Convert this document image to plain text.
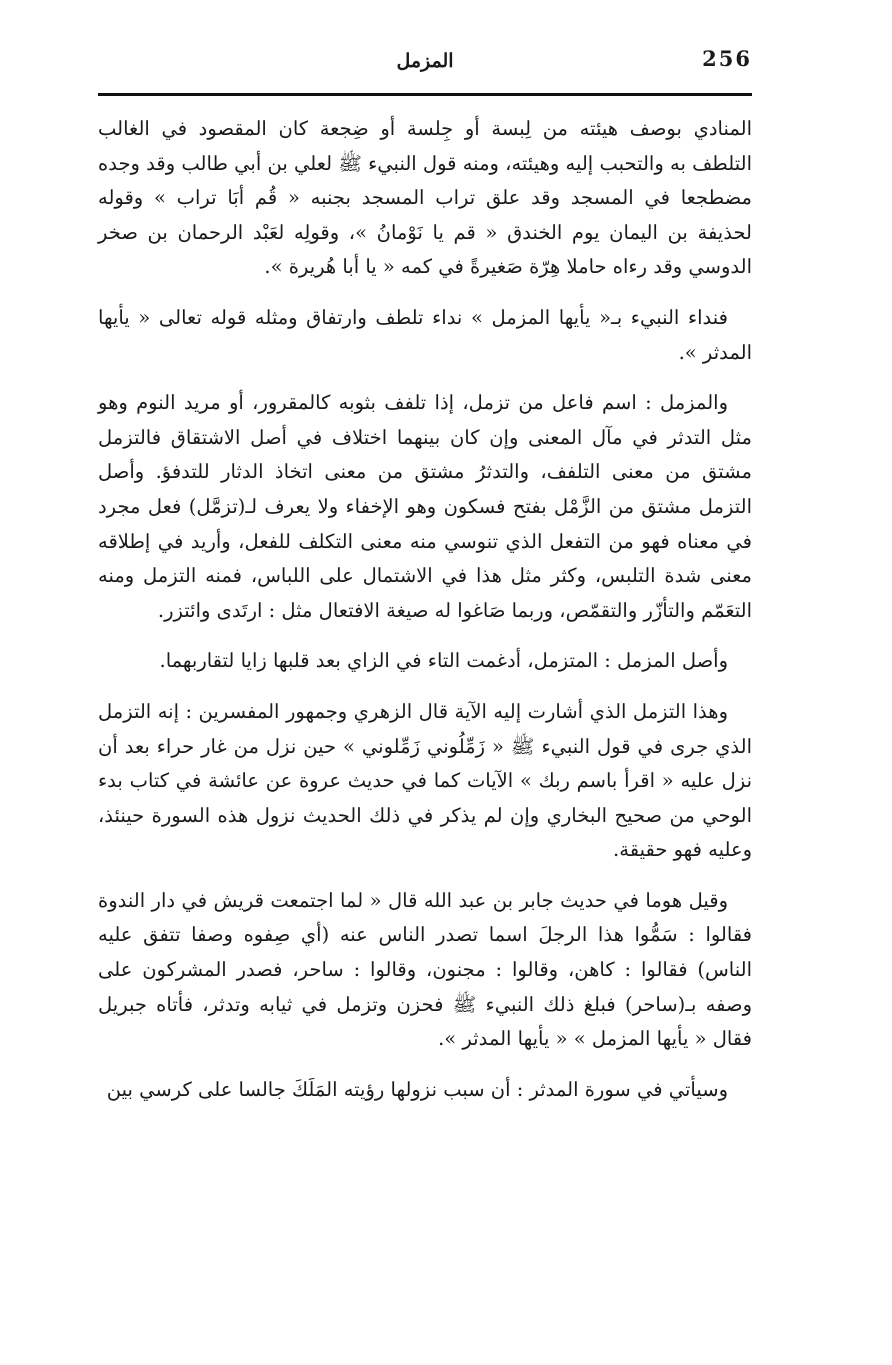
المزمل	256

المنادي بوصف هيئته من لِبسة أو جِلسة أو ضِجعة كان المقصود في الغالب التلطف به والتحبب إليه وهيئته، ومنه قول النبيء ﷺ لعلي بن أبي طالب وقد وجده مضطجعا في المسجد وقد علق تراب المسجد بجنبه « قُم أبَا تراب » وقوله لحذيفة بن اليمان يوم الخندق « قم يا نَوْمانُ »، وقولِه لعَبْد الرحمان بن صخر الدوسي وقد رءاه حاملا هِرّة صَغيرةً في كمه « يا أبا هُريرة ».

فنداء النبيء بـ« يأيها المزمل » نداء تلطف وارتفاق ومثله قوله تعالى « يأيها المدثر ».

والمزمل : اسم فاعل من تزمل، إذا تلفف بثوبه كالمقرور، أو مريد النوم وهو مثل التدثر في مآل المعنى وإن كان بينهما اختلاف في أصل الاشتقاق فالتزمل مشتق من معنى التلفف، والتدثرُ مشتق من معنى اتخاذ الدثار للتدفؤ. وأصل التزمل مشتق من الزَّمْل بفتح فسكون وهو الإخفاء ولا يعرف لـ(تزمَّل) فعل مجرد في معناه فهو من التفعل الذي تنوسي منه معنى التكلف للفعل، وأريد في إطلاقه معنى شدة التلبس، وكثر مثل هذا في الاشتمال على اللباس، فمنه التزمل ومنه التعَمّم والتأزّر والتقمّص، وربما صَاغوا له صيغة الافتعال مثل : ارتَدى وائتزر.

وأصل المزمل : المتزمل، أدغمت التاء في الزاي بعد قلبها زايا لتقاربهما.

وهذا التزمل الذي أشارت إليه الآية قال الزهري وجمهور المفسرين : إنه التزمل الذي جرى في قول النبيء ﷺ « زَمِّلُوني زَمِّلوني » حين نزل من غار حراء بعد أن نزل عليه « اقرأ باسم ربك » الآيات كما في حديث عروة عن عائشة في كتاب بدء الوحي من صحيح البخاري وإن لم يذكر في ذلك الحديث نزول هذه السورة حينئذ، وعليه فهو حقيقة.

وقيل هوما في حديث جابر بن عبد الله قال « لما اجتمعت قريش في دار الندوة فقالوا : سَمُّوا هذا الرجلَ اسما تصدر الناس عنه (أي صِفوه وصفا تتفق عليه الناس) فقالوا : كاهن، وقالوا : مجنون، وقالوا : ساحر، فصدر المشركون على وصفه بـ(ساحر) فبلغ ذلك النبيء ﷺ فحزن وتزمل في ثيابه وتدثر، فأتاه جبريل فقال « يأيها المزمل » « يأيها المدثر ».

وسيأتي في سورة المدثر : أن سبب نزولها رؤيته المَلَكَ جالسا على كرسي بين
